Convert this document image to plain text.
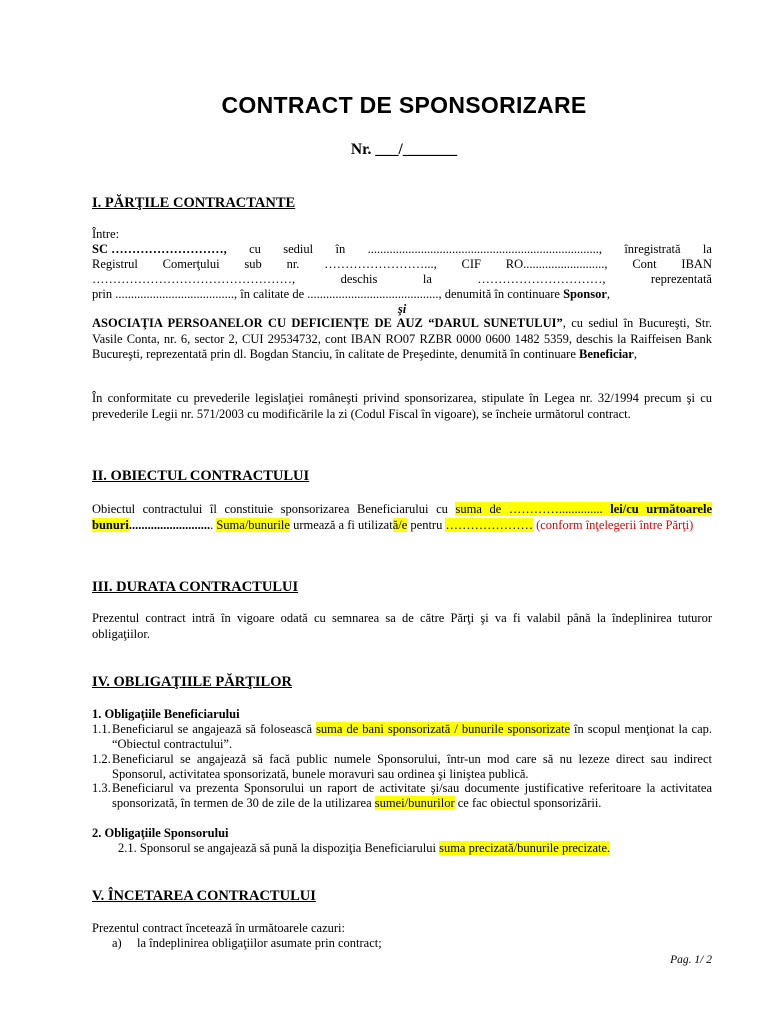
CONTRACT DE SPONSORIZARE
Nr. ___/_______
I. PĂRŢILE CONTRACTANTE
Între:
SC ………………………, cu sediul în .........................................................................., înregistrată la
Registrul Comerţului sub nr. ……………………..., CIF RO.........................., Cont IBAN
…………………………………………,	deschis	la	…………………………,	reprezentată
prin ......................................, în calitate de .........................................., denumită în continuare Sponsor ,
şi
ASOCIAŢIA PERSOANELOR CU DEFICIENŢE DE AUZ “DARUL SUNETULUI”, cu sediul în Bucureşti, Str. Vasile Conta, nr. 6, sector 2, CUI 29534732, cont IBAN RO07 RZBR 0000 0600 1482 5359, deschis la Raiffeisen Bank Bucureşti, reprezentată prin dl. Bogdan Stanciu, în calitate de Preşedinte, denumită în continuare Beneficiar,
În conformitate cu prevederile legislaţiei româneşti privind sponsorizarea, stipulate în Legea nr. 32/1994 precum şi cu prevederile Legii nr. 571/2003 cu modificările la zi (Codul Fiscal în vigoare), se încheie următorul contract.
II. OBIECTUL CONTRACTULUI
Obiectul contractului îl constituie sponsorizarea Beneficiarului cu suma de ………….............. lei/cu următoarele bunuri........................... Suma/bunurile urmează a fi utilizată/e pentru ………………… (conform înţelegerii între Părţi)
III. DURATA CONTRACTULUI
Prezentul contract intră în vigoare odată cu semnarea sa de către Părţi şi va fi valabil până la îndeplinirea tuturor obligaţiilor.
IV. OBLIGAŢIILE PĂRŢILOR
1. Obligaţiile Beneficiarului
1.1. Beneficiarul se angajează să folosească suma de bani sponsorizată / bunurile sponsorizate în scopul menţionat la cap. “Obiectul contractului”.
1.2. Beneficiarul se angajează să facă public numele Sponsorului, într-un mod care să nu lezeze direct sau indirect Sponsorul, activitatea sponsorizată, bunele moravuri sau ordinea şi liniştea publică.
1.3. Beneficiarul va prezenta Sponsorului un raport de activitate şi/sau documente justificative referitoare la activitatea sponsorizată, în termen de 30 de zile de la utilizarea sumei/bunurilor ce fac obiectul sponsorizării.
2. Obligaţiile Sponsorului
2.1. Sponsorul se angajează să pună la dispoziţia Beneficiarului suma precizată/bunurile precizate.
V. ÎNCETAREA CONTRACTULUI
Prezentul contract încetează în următoarele cazuri:
a) la îndeplinirea obligaţiilor asumate prin contract;
Pag. 1/ 2
